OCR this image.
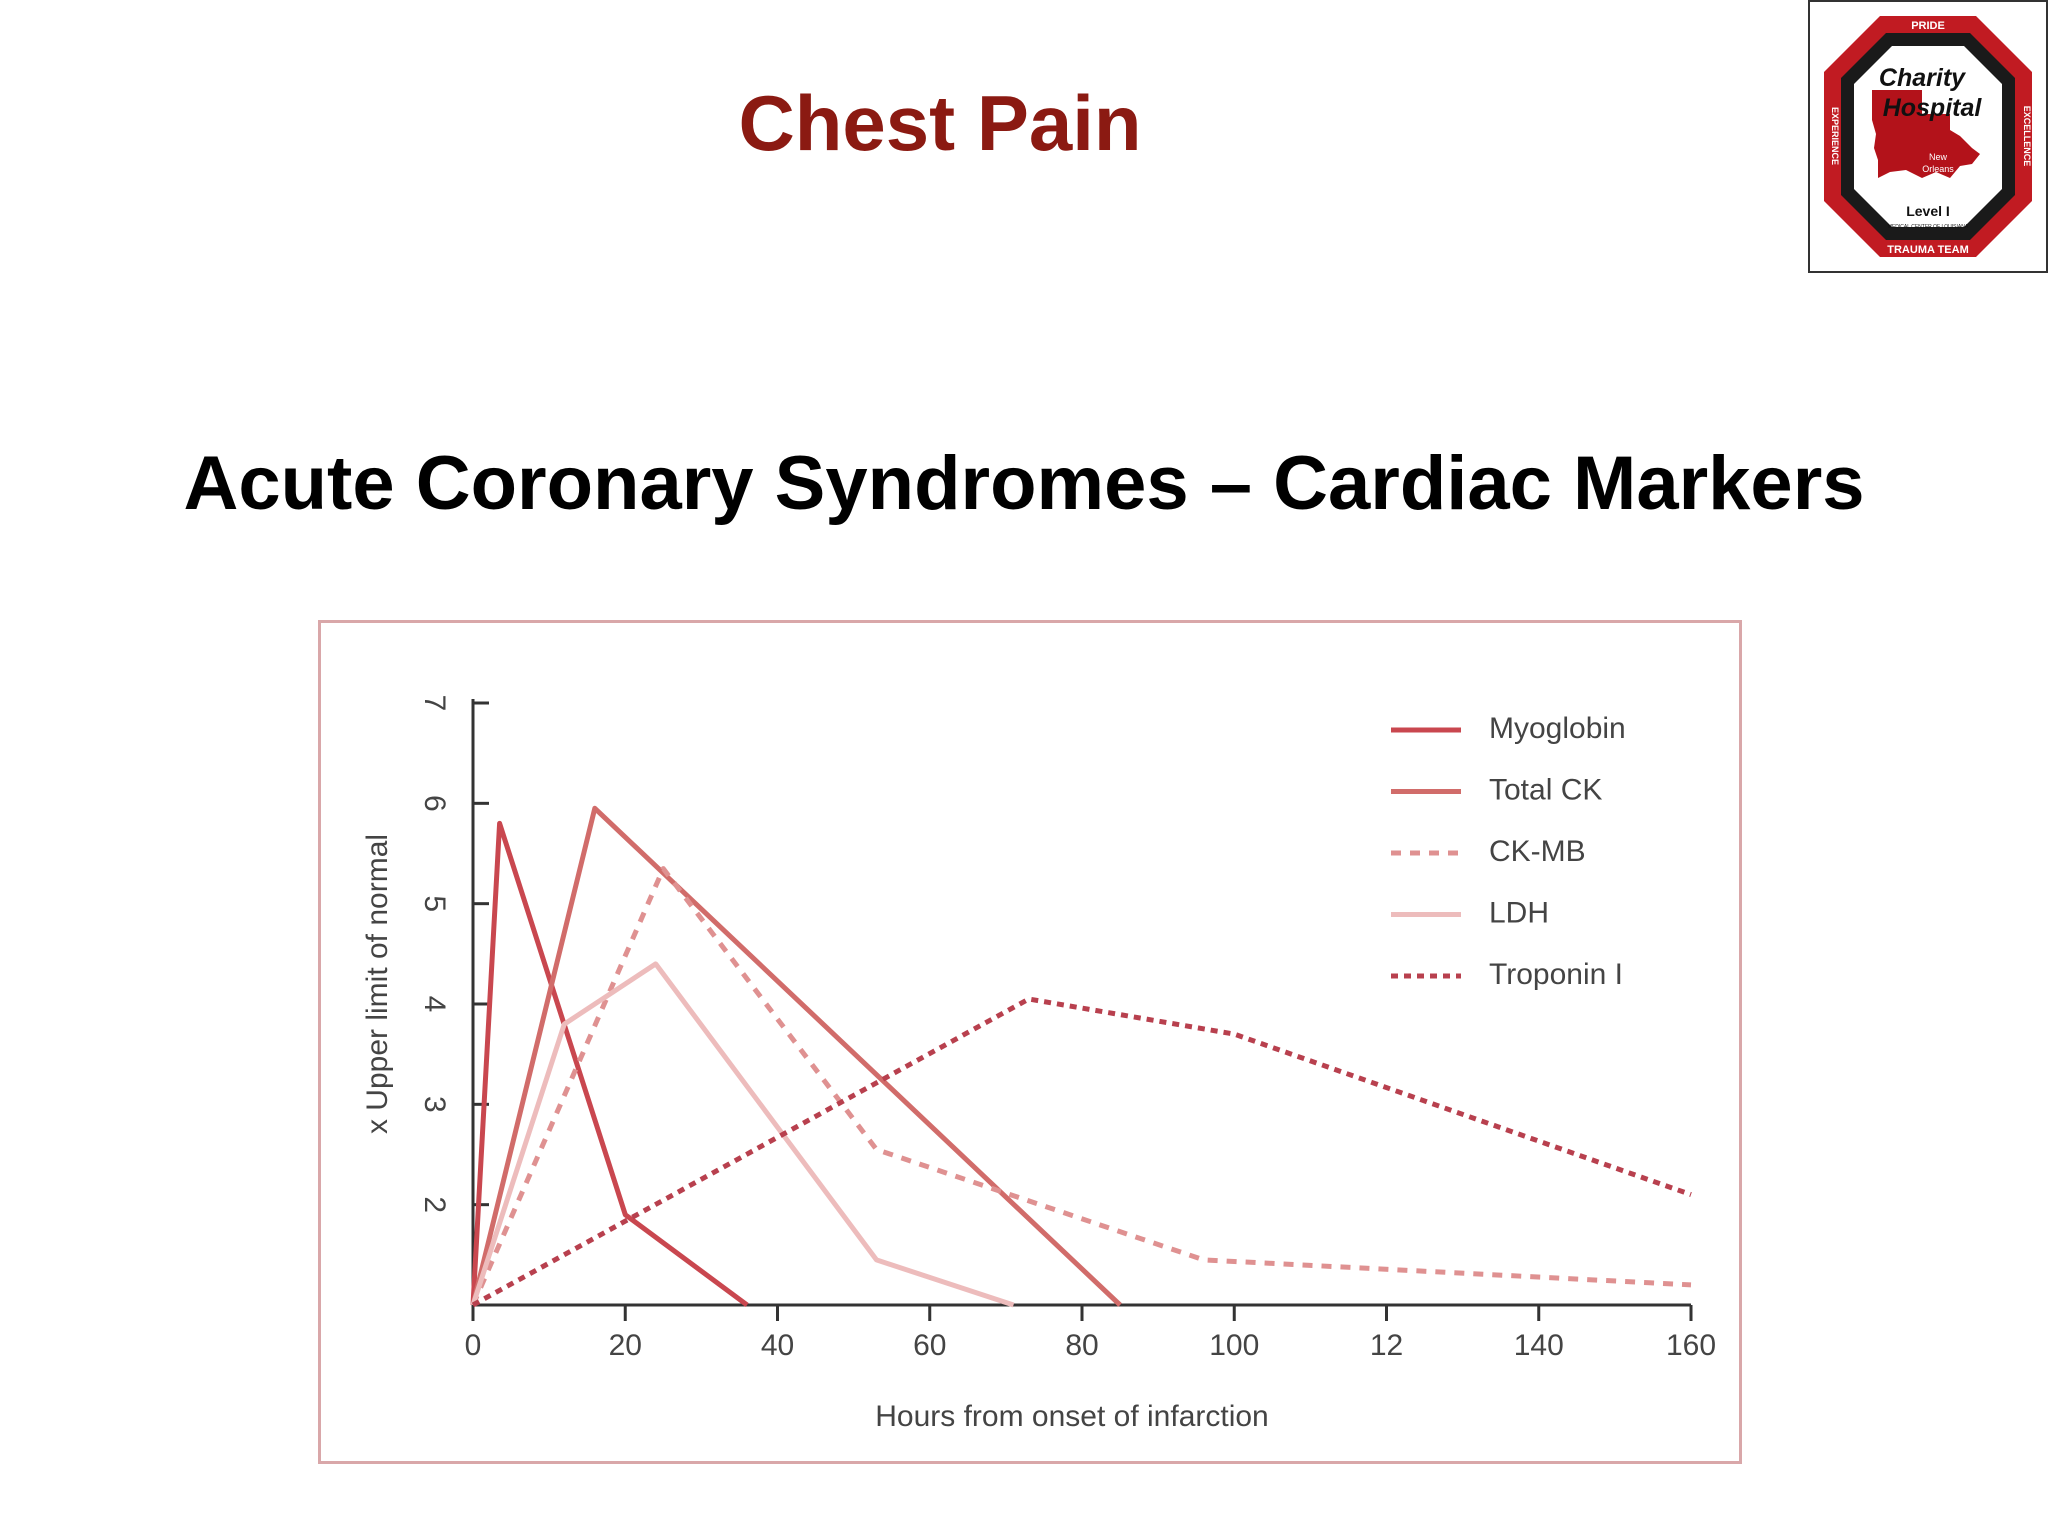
Chest Pain
PRIDE
TRAUMA TEAM
EXPERIENCE	EXCELLENCE
Charity
Hospital
New
Orleans
Level I
MEDICAL CENTER OF LOUISIANA
Acute Coronary Syndromes – Cardiac Markers
2
3
4
5
6
7
0	20	40	60	80	100	12	140	160
Hours from onset of infarction
x Upper limit of normal
Myoglobin
Total CK
CK-MB
LDH
Troponin I
